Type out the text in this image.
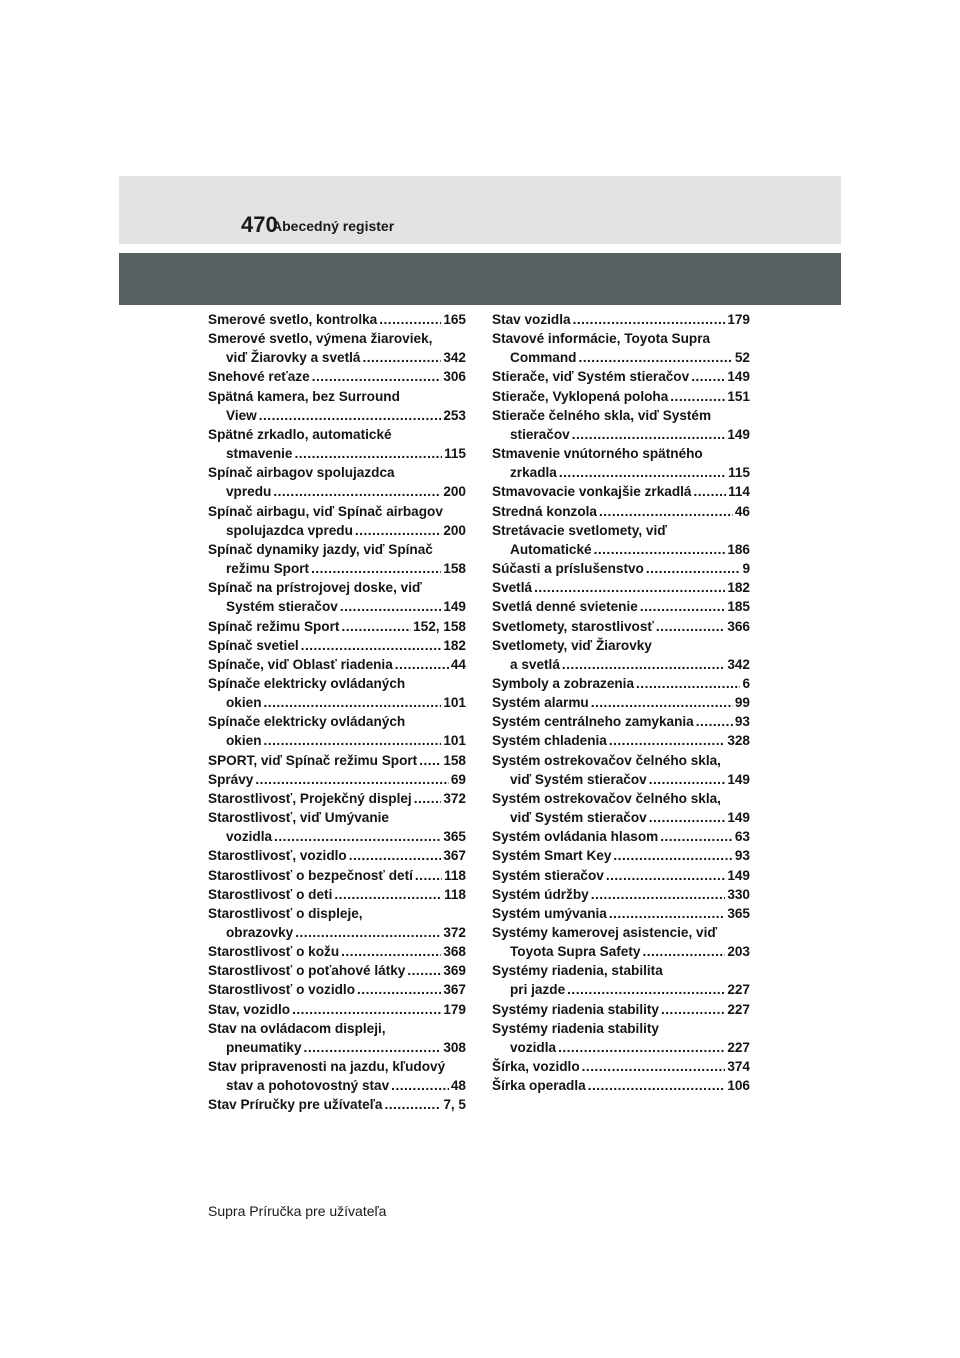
470
Abecedný register
Smerové svetlo, kontrolka .....	165
Smerové svetlo, výmena žiaroviek,
viď Žiarovky a svetlá .....	342
Snehové reťaze .....	306
Spätná kamera, bez Surround
View .....	253
Spätné zrkadlo, automatické
stmavenie .....	115
Spínač airbagov spolujazdca
vpredu .....	200
Spínač airbagu, viď Spínač airbagov
spolujazdca vpredu .....	200
Spínač dynamiky jazdy, viď Spínač
režimu Sport .....	158
Spínač na prístrojovej doske, viď
Systém stieračov .....	149
Spínač režimu Sport .....	152, 158
Spínač svetiel .....	182
Spínače, viď Oblasť riadenia .....	44
Spínače elektricky ovládaných
okien .....	101
Spínače elektricky ovládaných
okien .....	101
SPORT, viď Spínač režimu Sport ..... 158
Správy .....	69
Starostlivosť, Projekčný displej ..... 372
Starostlivosť, viď Umývanie
vozidla .....	365
Starostlivosť, vozidlo .....	367
Starostlivosť o bezpečnosť detí ..... 118
Starostlivosť o deti .....	118
Starostlivosť o displeje,
obrazovky .....	372
Starostlivosť o kožu .....	368
Starostlivosť o poťahové látky .....	369
Starostlivosť o vozidlo .....	367
Stav, vozidlo .....	179
Stav na ovládacom displeji,
pneumatiky .....	308
Stav pripravenosti na jazdu, kľudový
stav a pohotovostný stav .....	48
Stav Príručky pre užívateľa .....	7, 5
Stav vozidla .....	179
Stavové informácie, Toyota Supra
Command .....	52
Stierače, viď Systém stieračov .....	149
Stierače, Vyklopená poloha .....	151
Stierače čelného skla, viď Systém
stieračov .....	149
Stmavenie vnútorného spätného
zrkadla .....	115
Stmavovacie vonkajšie zrkadlá .....	114
Stredná konzola .....	46
Stretávacie svetlomety, viď
Automatické .....	186
Súčasti a príslušenstvo .....	9
Svetlá .....	182
Svetlá denné svietenie .....	185
Svetlomety, starostlivosť .....	366
Svetlomety, viď Žiarovky
a svetlá .....	342
Symboly a zobrazenia .....	6
Systém alarmu .....	99
Systém centrálneho zamykania .....	93
Systém chladenia .....	328
Systém ostrekovačov čelného skla,
viď Systém stieračov .....	149
Systém ostrekovačov čelného skla,
viď Systém stieračov .....	149
Systém ovládania hlasom .....	63
Systém Smart Key .....	93
Systém stieračov .....	149
Systém údržby .....	330
Systém umývania .....	365
Systémy kamerovej asistencie, viď
Toyota Supra Safety .....	203
Systémy riadenia, stabilita
pri jazde .....	227
Systémy riadenia stability .....	227
Systémy riadenia stability
vozidla .....	227
Šírka, vozidlo .....	374
Šírka operadla .....	106
Supra Príručka pre užívateľa
